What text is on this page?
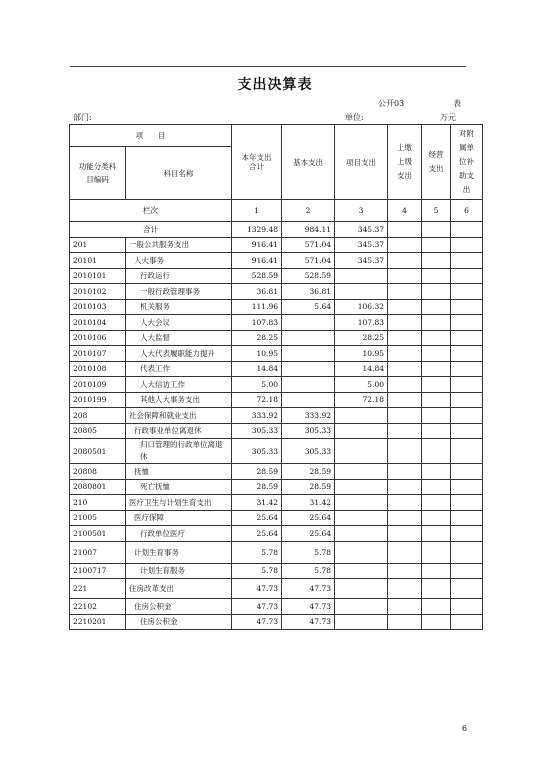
支出决算表
公开03	表
部门:	单位:	万元
项　　目		本年支出合计	基本支出	项目支出	上缴上级支出	经营支出	对附属单位补助支出
功能分类科目编码	科目名称						
栏次		1	2	3	4	5	6
合计		1329.48	984.11	345.37			
201	一般公共服务支出	916.41	571.04	345.37			
20101	人大事务	916.41	571.04	345.37			
2010101	行政运行	528.59	528.59				
2010102	一般行政管理事务	36.81	36.81				
2010103	机关服务	111.96	5.64	106.32			
2010104	人大会议	107.83		107.83			
2010106	人大监督	28.25		28.25			
2010107	人大代表履职能力提升	10.95		10.95			
2010108	代表工作	14.84		14.84			
2010109	人大信访工作	5.00		5.00			
2010199	其他人大事务支出	72.18		72.18			
208	社会保障和就业支出	333.92	333.92				
20805	行政事业单位离退休	305.33	305.33				
2080501	归口管理的行政单位离退休	305.33	305.33				
20808	抚恤	28.59	28.59				
2080801	死亡抚恤	28.59	28.59				
210	医疗卫生与计划生育支出	31.42	31.42				
21005	医疗保障	25.64	25.64				
2100501	行政单位医疗	25.64	25.64				
21007	计划生育事务	5.78	5.78				
2100717	计划生育服务	5.78	5.78				
221	住房改革支出	47.73	47.73				
22102	住房公积金	47.73	47.73				
2210201	住房公积金	47.73	47.73				
6
